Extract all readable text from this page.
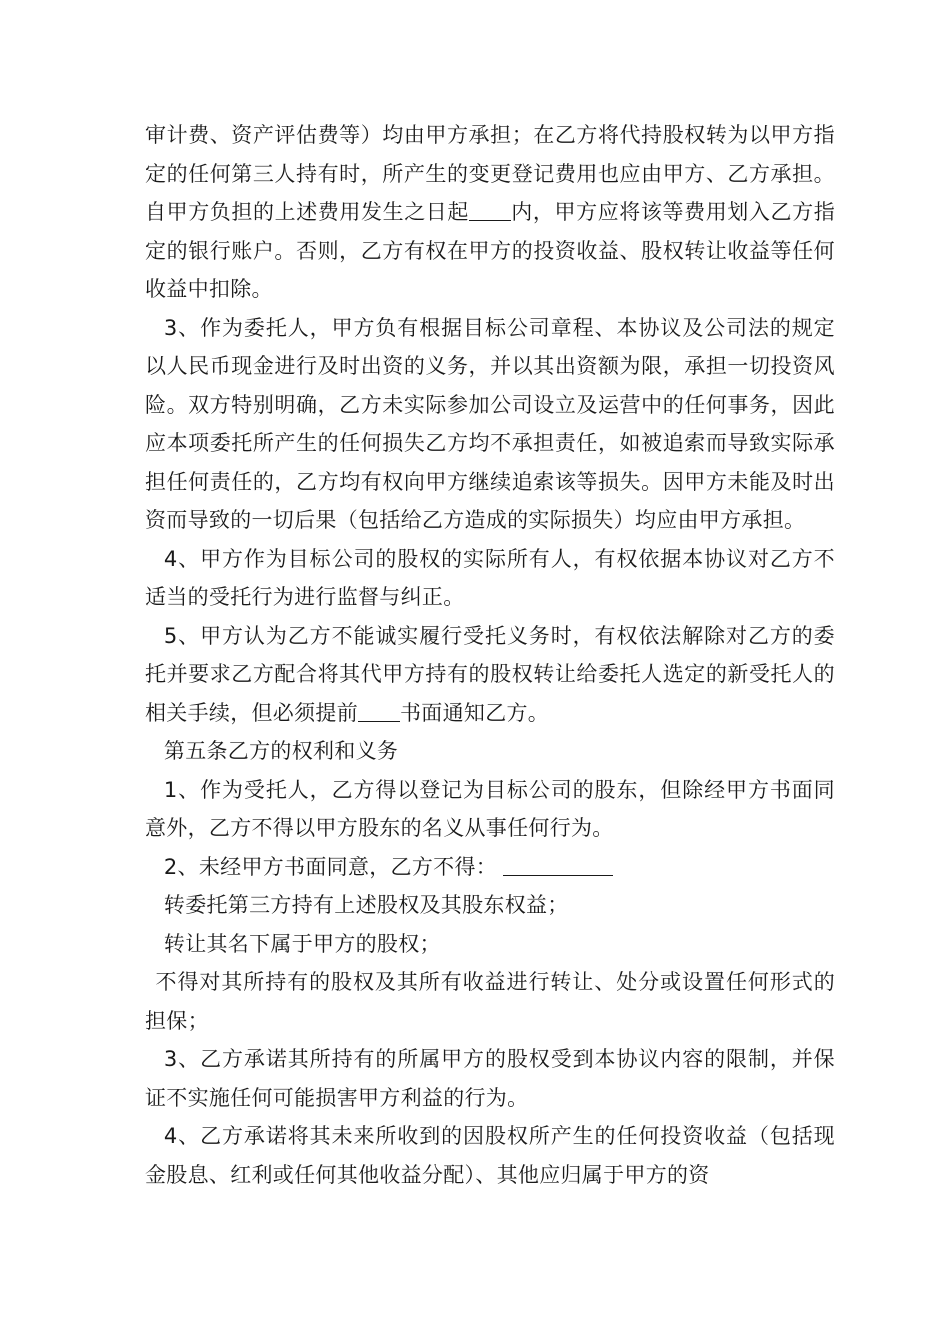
审计费、资产评估费等）均由甲方承担；在乙方将代持股权转为以甲方指定的任何第三人持有时，所产生的变更登记费用也应由甲方、乙方承担。自甲方负担的上述费用发生之日起 内，甲方应将该等费用划入乙方指定的银行账户。否则，乙方有权在甲方的投资收益、股权转让收益等任何收益中扣除。

3、作为委托人，甲方负有根据目标公司章程、本协议及公司法的规定以人民币现金进行及时出资的义务，并以其出资额为限，承担一切投资风险。双方特别明确，乙方未实际参加公司设立及运营中的任何事务，因此应本项委托所产生的任何损失乙方均不承担责任，如被追索而导致实际承担任何责任的，乙方均有权向甲方继续追索该等损失。因甲方未能及时出资而导致的一切后果（包括给乙方造成的实际损失）均应由甲方承担。

4、甲方作为目标公司的股权的实际所有人，有权依据本协议对乙方不适当的受托行为进行监督与纠正。

5、甲方认为乙方不能诚实履行受托义务时，有权依法解除对乙方的委托并要求乙方配合将其代甲方持有的股权转让给委托人选定的新受托人的相关手续，但必须提前 书面通知乙方。

第五条乙方的权利和义务

1、作为受托人，乙方得以登记为目标公司的股东，但除经甲方书面同意外，乙方不得以甲方股东的名义从事任何行为。

2、未经甲方书面同意，乙方不得：

转委托第三方持有上述股权及其股东权益；

转让其名下属于甲方的股权；

不得对其所持有的股权及其所有收益进行转让、处分或设置任何形式的担保；

3、乙方承诺其所持有的所属甲方的股权受到本协议内容的限制，并保证不实施任何可能损害甲方利益的行为。

4、乙方承诺将其未来所收到的因股权所产生的任何投资收益（包括现金股息、红利或任何其他收益分配）、其他应归属于甲方的资
